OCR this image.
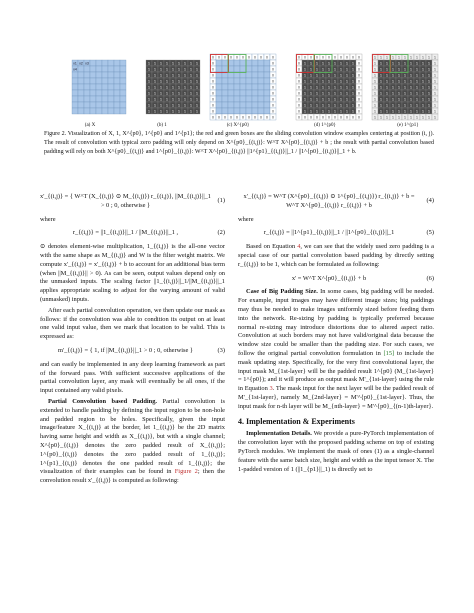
x1 x2 x3
x4
1 1 1 1 1 1 1 1 1
1 1 1 1 1 1 1 1 1
1 1 1 1 1 1 1 1 1
1 1 1 1 1 1 1 1 1
1 1 1 1 1 1 1 1 1
1 1 1 1 1 1 1 1 1
1 1 1 1 1 1 1 1 1
1 1 1 1 1 1 1 1 1
1 1 1 1 1 1 1 1 1
0 0 0 0 0 0 0 0 0 0 0
0	0
0	0
0	0
0	0
0	0
0	0
0	0
0	0
0	0
0 0 0 0 0 0 0 0 0 0 0
0 0 0 0 0 0 0 0 0 0 0
0 1 1 1 1 1 1 1 1 1 0
0 1 1 1 1 1 1 1 1 1 0
0 1 1 1 1 1 1 1 1 1 0
0 1 1 1 1 1 1 1 1 1 0
0 1 1 1 1 1 1 1 1 1 0
0 1 1 1 1 1 1 1 1 1 0
0 1 1 1 1 1 1 1 1 1 0
0 1 1 1 1 1 1 1 1 1 0
0 1 1 1 1 1 1 1 1 1 0
0 0 0 0 0 0 0 0 0 0 0
1 1 1 1 1 1 1 1 1 1 1
1 1 1 1 1 1 1 1 1 1 1
1 1 1 1 1 1 1 1 1 1 1
1 1 1 1 1 1 1 1 1 1 1
1 1 1 1 1 1 1 1 1 1 1
1 1 1 1 1 1 1 1 1 1 1
1 1 1 1 1 1 1 1 1 1 1
1 1 1 1 1 1 1 1 1 1 1
1 1 1 1 1 1 1 1 1 1 1
1 1 1 1 1 1 1 1 1 1 1
1 1 1 1 1 1 1 1 1 1 1
(a) X	(b) 1	(c) X^{p0}	(d) 1^{p0}	(e) 1^{p1}
Figure 2. Visualization of X, 1, X^{p0}, 1^{p0} and 1^{p1}; the red and green boxes are the sliding convolution window examples centering at position (i, j). The result of convolution with typical zero padding will only depend on X^{p0}_{(i,j)}: W^T X^{p0}_{(i,j)} + b ; the result with partial convolution based padding will rely on both X^{p0}_{(i,j)} and 1^{p0}_{(i,j)}: W^T X^{p0}_{(i,j)} ||1^{p1}_{(i,j)}||_1 / ||1^{p0}_{(i,j)}||_1 + b.
x'_{(i,j)} = { W^T (X_{(i,j)} ⊙ M_{(i,j)}) r_{(i,j)}, ||M_{(i,j)}||_1 > 0 ; 0, otherwise }
(1)

where

r_{(i,j)} = ||1_{(i,j)}||_1 / ||M_{(i,j)}||_1 ,	(2)

⊙ denotes element-wise multiplication, 1_{(i,j)} is the all-one vector with the same shape as M_{(i,j)} and W is the filter weight matrix. We compute x'_{(i,j)} = x'_{(i,j)} + b to account for an additional bias term (when ||M_{(i,j)}|| > 0). As can be seen, output values depend only on the unmasked inputs. The scaling factor ||1_{(i,j)}||_1/||M_{(i,j)}||_1 applies appropriate scaling to adjust for the varying amount of valid (unmasked) inputs.

After each partial convolution operation, we then update our mask as follows: if the convolution was able to condition its output on at least one valid input value, then we mark that location to be valid. This is expressed as:

m'_{(i,j)} = { 1, if ||M_{(i,j)}||_1 > 0 ; 0, otherwise }	(3)

and can easily be implemented in any deep learning framework as part of the forward pass. With sufficient successive applications of the partial convolution layer, any mask will eventually be all ones, if the input contained any valid pixels.

Partial Convolution based Padding. Partial convolution is extended to handle padding by defining the input region to be non-hole and padded region to be holes. Specifically, given the input image/feature X_{(i,j)} at the border, let 1_{(i,j)} be the 2D matrix having same height and width as X_{(i,j)}, but with a single channel; X^{p0}_{(i,j)} denotes the zero padded result of X_{(i,j)}; 1^{p0}_{(i,j)} denotes the zero padded result of 1_{(i,j)}; 1^{p1}_{(i,j)} denotes the one padded result of 1_{(i,j)}; the visualization of their examples can be found in Figure 2; then the convolution result x'_{(i,j)} is computed as following:

x'_{(i,j)} = W^T (X^{p0}_{(i,j)} ⊙ 1^{p0}_{(i,j)}) r_{(i,j)} + b = W^T X^{p0}_{(i,j)} r_{(i,j)} + b
(4)

where

r_{(i,j)} = ||1^{p1}_{(i,j)}||_1 / ||1^{p0}_{(i,j)}||_1	(5)

Based on Equation 4, we can see that the widely used zero padding is a special case of our partial convolution based padding by directly setting r_{(i,j)} to be 1, which can be formulated as following:

x' = W^T X^{p0}_{(i,j)} + b	(6)

Case of Big Padding Size. In some cases, big padding will be needed. For example, input images may have different image sizes; big paddings may thus be needed to make images uniformly sized before feeding them into the network. Re-sizing by padding is typically preferred because normal re-sizing may introduce distortions due to altered aspect ratio. Convolution at such borders may not have valid/original data because the window size could be smaller than the padding size. For such cases, we follow the original partial convolution formulation in [15] to include the mask updating step. Specifically, for the very first convolutional layer, the input mask M_{1st-layer} will be the padded result 1^{p0} (M_{1st-layer} = 1^{p0}); and it will produce an output mask M'_{1st-layer} using the rule in Equation 3. The mask input for the next layer will be the padded result of M'_{1st-layer}, namely M_{2nd-layer} = M'^{p0}_{1st-layer}. Thus, the input mask for n-th layer will be M_{nth-layer} = M'^{p0}_{(n-1)th-layer}.

4. Implementation & Experiments

Implementation Details. We provide a pure-PyTorch implementation of the convolution layer with the proposed padding scheme on top of existing PyTorch modules. We implement the mask of ones (1) as a single-channel feature with the same batch size, height and width as the input tensor X. The 1-padded version of 1 (||1_{p1}||_1) is directly set to
